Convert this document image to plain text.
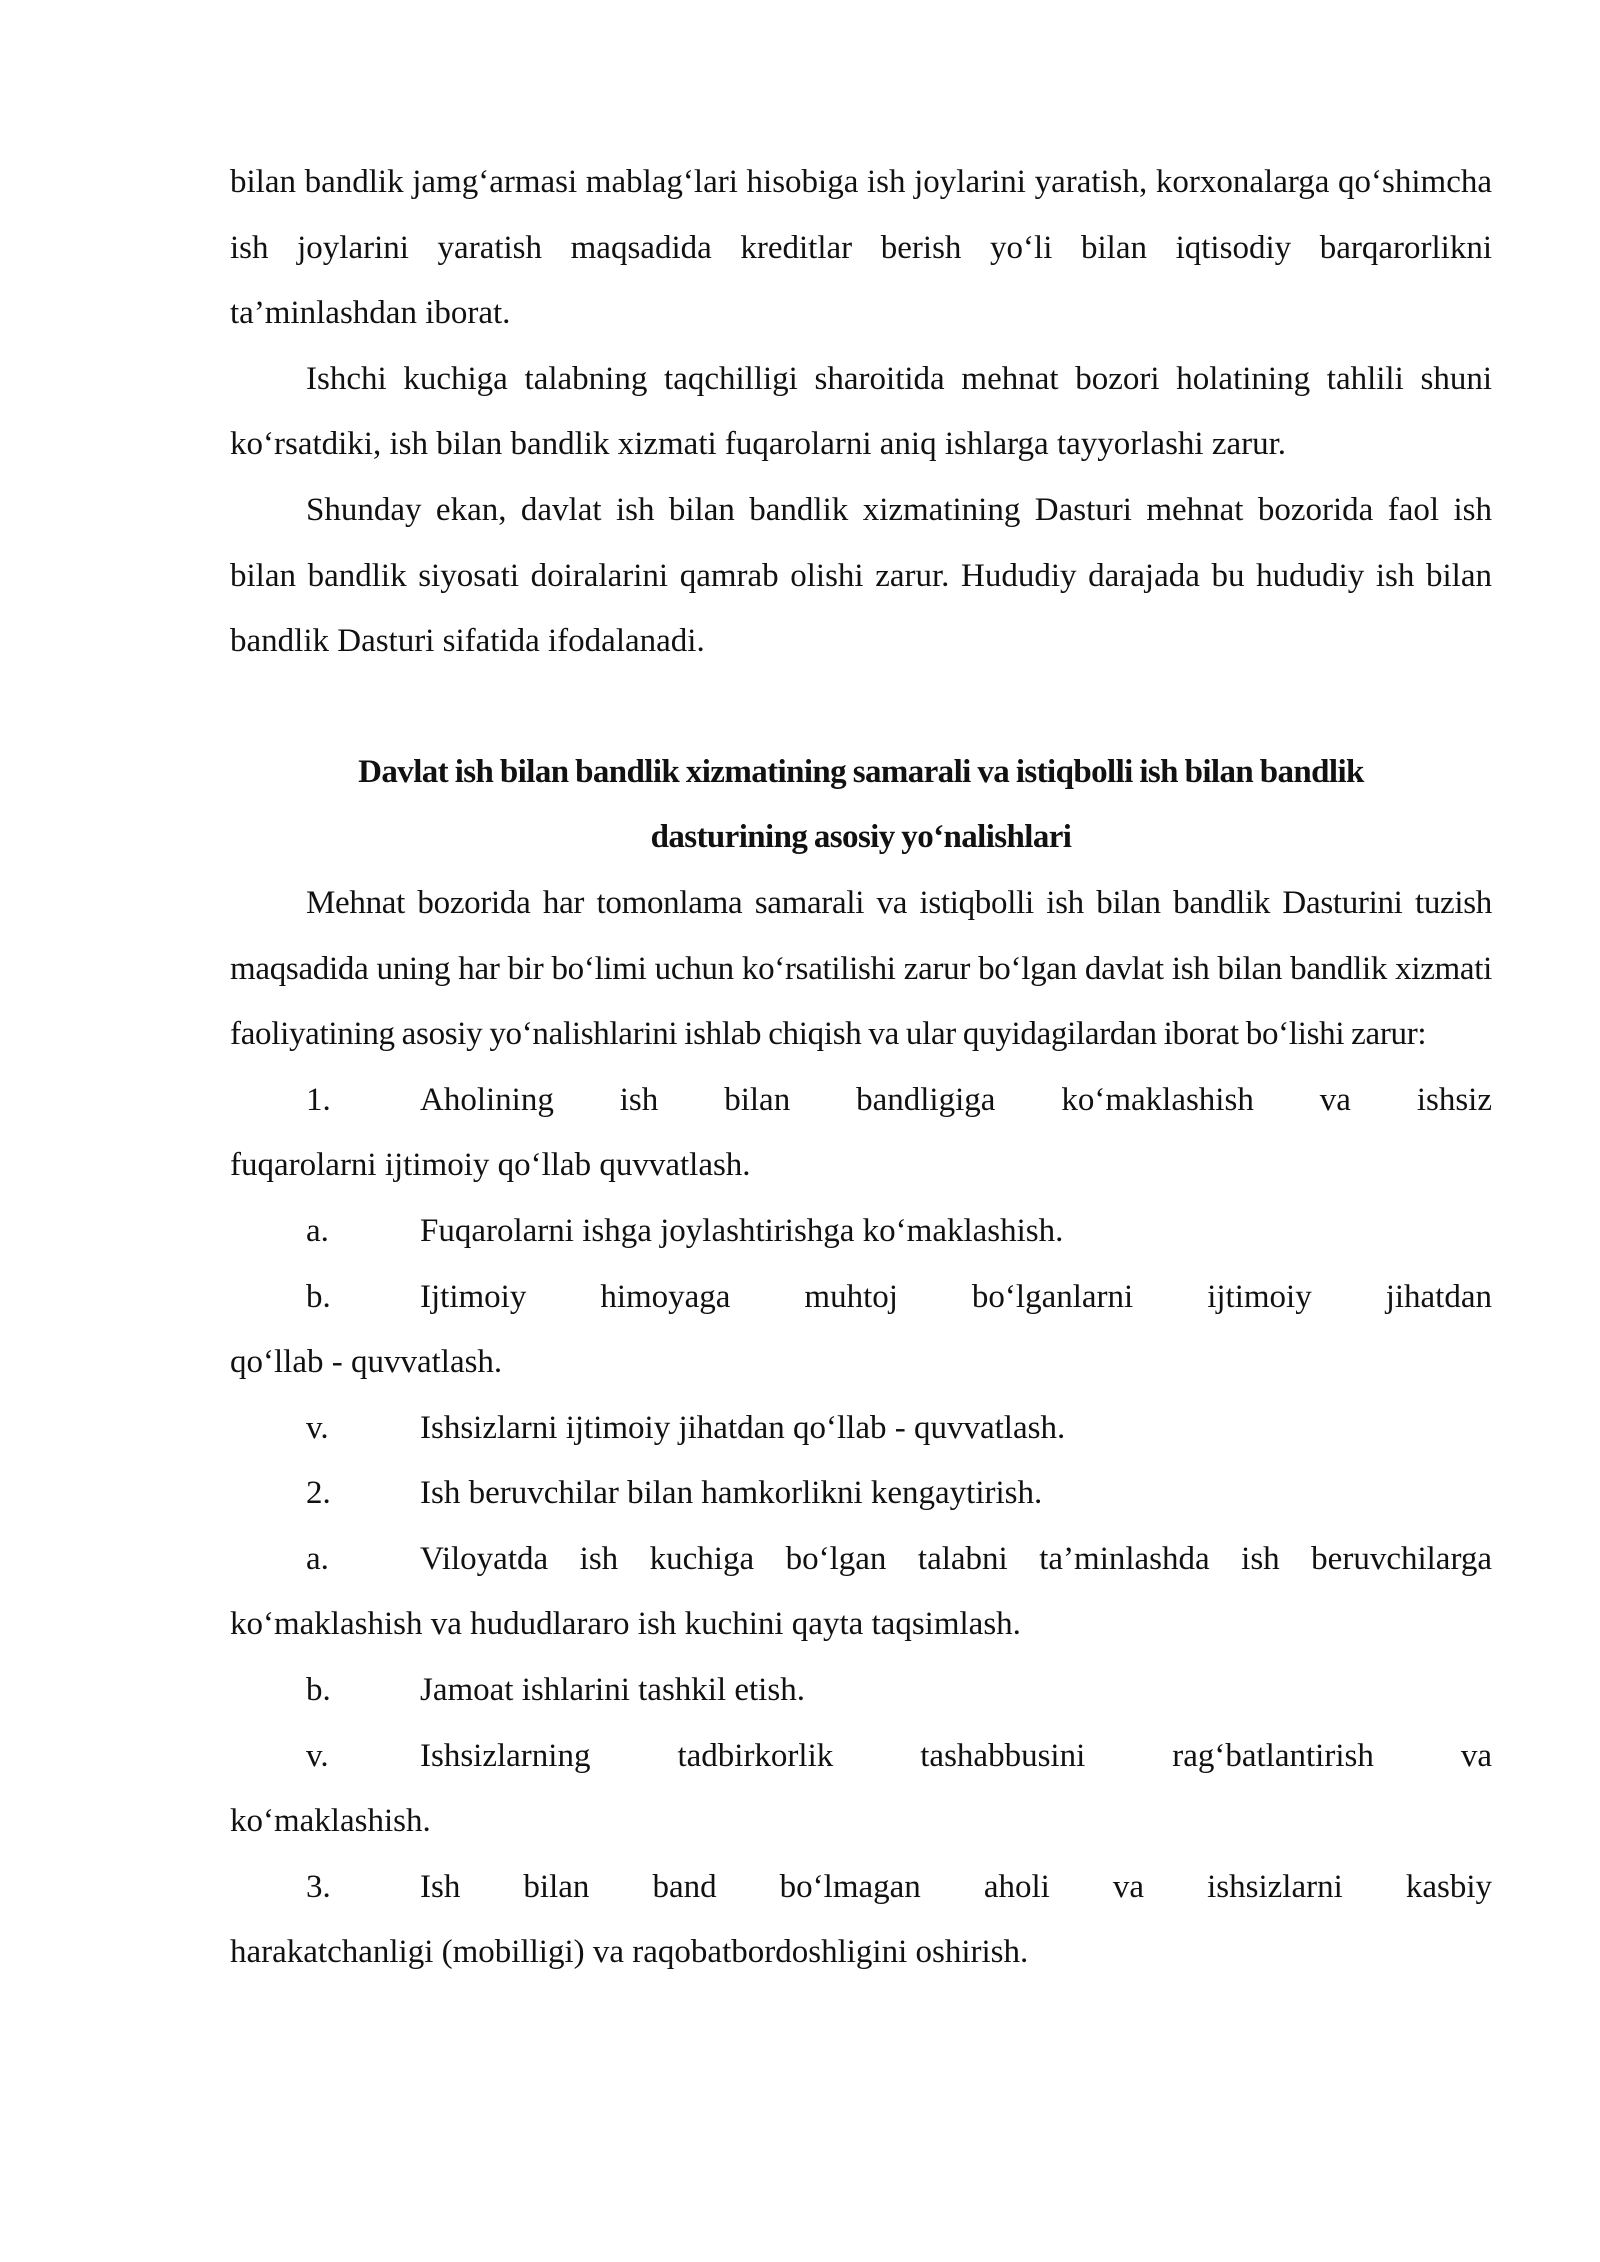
bilan bandlik jamg‘armasi mablag‘lari hisobiga ish joylarini yaratish, korxonalarga qo‘shimcha ish joylarini yaratish maqsadida kreditlar berish yo‘li bilan iqtisodiy barqarorlikni ta’minlashdan iborat.

Ishchi kuchiga talabning taqchilligi sharoitida mehnat bozori holatining tahlili shuni ko‘rsatdiki, ish bilan bandlik xizmati fuqarolarni aniq ishlarga tayyorlashi zarur.

Shunday ekan, davlat ish bilan bandlik xizmatining Dasturi mehnat bozorida faol ish bilan bandlik siyosati doiralarini qamrab olishi zarur. Hududiy darajada bu hududiy ish bilan bandlik Dasturi sifatida ifodalanadi.

Davlat ish bilan bandlik xizmatining samarali va istiqbolli ish bilan bandlik
dasturining asosiy yo‘nalishlari

Mehnat bozorida har tomonlama samarali va istiqbolli ish bilan bandlik Dasturini tuzish maqsadida uning har bir bo‘limi uchun ko‘rsatilishi zarur bo‘lgan davlat ish bilan bandlik xizmati faoliyatining asosiy yo‘nalishlarini ishlab chiqish va ular quyidagilardan iborat bo‘lishi zarur:

1.	Aholining ish bilan bandligiga ko‘maklashish va ishsiz

fuqarolarni ijtimoiy qo‘llab quvvatlash.

a.	Fuqarolarni ishga joylashtirishga ko‘maklashish.

b.	Ijtimoiy himoyaga muhtoj bo‘lganlarni ijtimoiy jihatdan

qo‘llab - quvvatlash.

v.	Ishsizlarni ijtimoiy jihatdan qo‘llab - quvvatlash.

2.	Ish beruvchilar bilan hamkorlikni kengaytirish.

a.	Viloyatda ish kuchiga bo‘lgan talabni ta’minlashda ish beruvchilarga

ko‘maklashish va hududlararo ish kuchini qayta taqsimlash.

b.	Jamoat ishlarini tashkil etish.

v.	Ishsizlarning tadbirkorlik tashabbusini rag‘batlantirish va

ko‘maklashish.

3.	Ish bilan band bo‘lmagan aholi va ishsizlarni kasbiy

harakatchanligi (mobilligi) va raqobatbordoshligini oshirish.
